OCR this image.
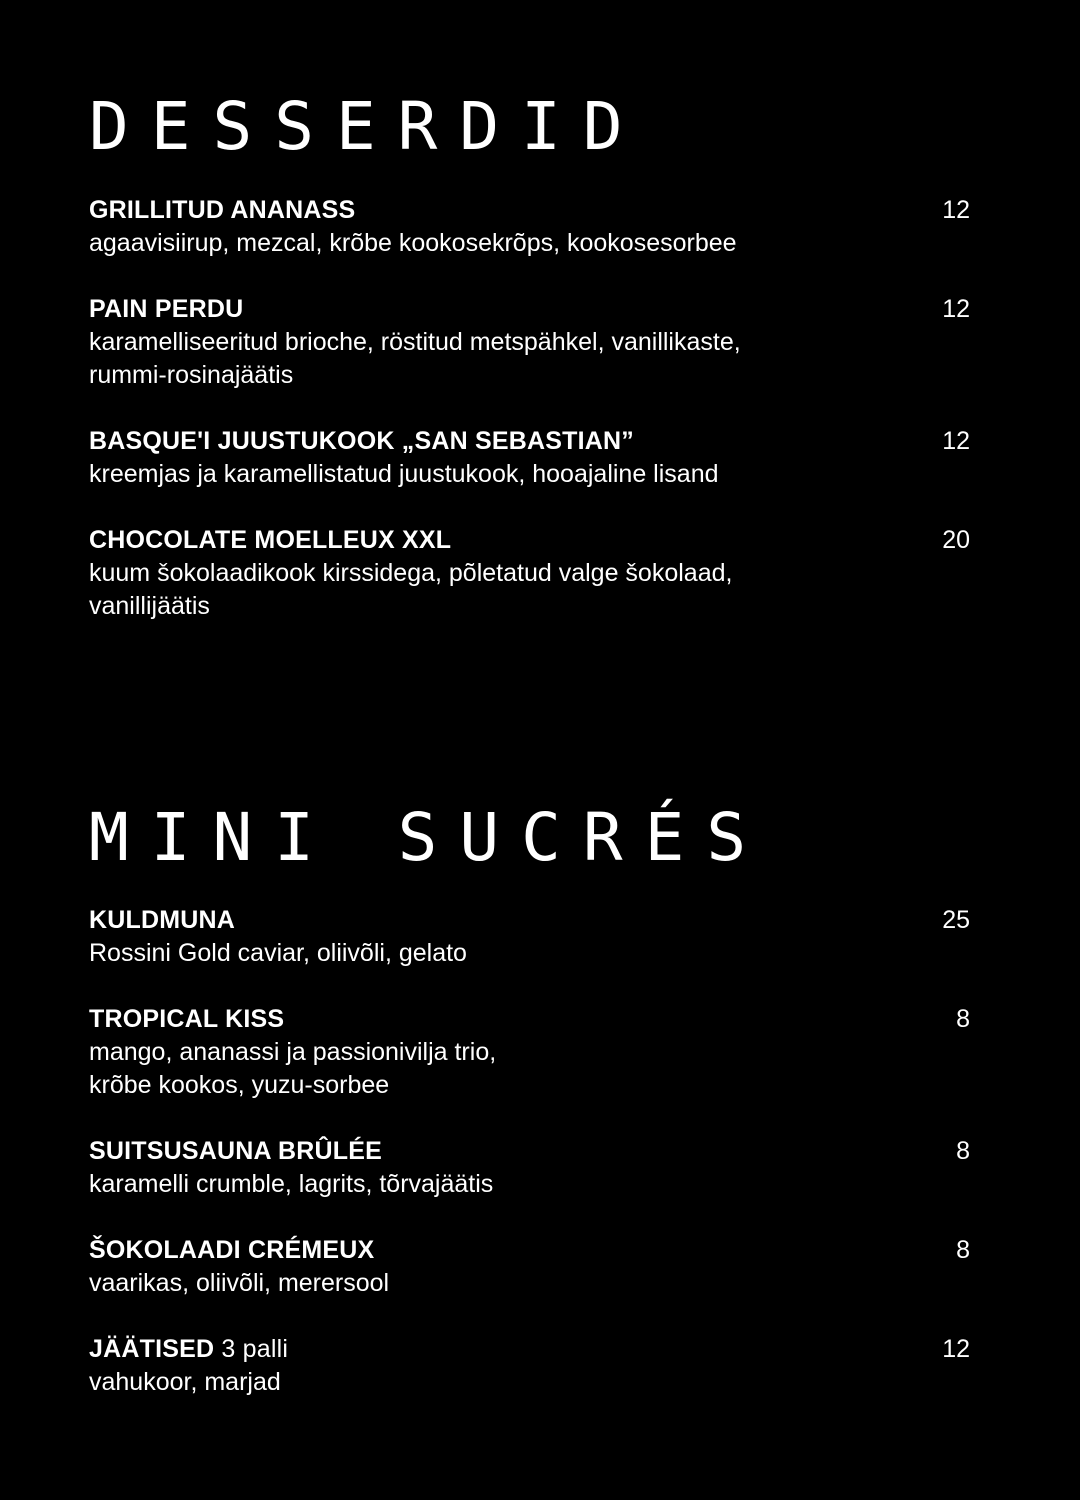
DESSERDID
GRILLITUD ANANASS	12
agaavisiirup, mezcal, krõbe kookosekrõps, kookosesorbee
PAIN PERDU	12
karamelliseeritud brioche, röstitud metspähkel, vanillikaste,
rummi-rosinajäätis
BASQUE'I JUUSTUKOOK „SAN SEBASTIAN”	12
kreemjas ja karamellistatud juustukook, hooajaline lisand
CHOCOLATE MOELLEUX XXL	20
kuum šokolaadikook kirssidega, põletatud valge šokolaad,
vanillijäätis
MINI SUCRÉS
KULDMUNA	25
Rossini Gold caviar, oliivõli, gelato
TROPICAL KISS	8
mango, ananassi ja passionivilja trio,
krõbe kookos, yuzu-sorbee
SUITSUSAUNA BRÛLÉE	8
karamelli crumble, lagrits, tõrvajäätis
ŠOKOLAADI CRÉMEUX	8
vaarikas, oliivõli, merersool
JÄÄTISED 3 palli	12
vahukoor, marjad
